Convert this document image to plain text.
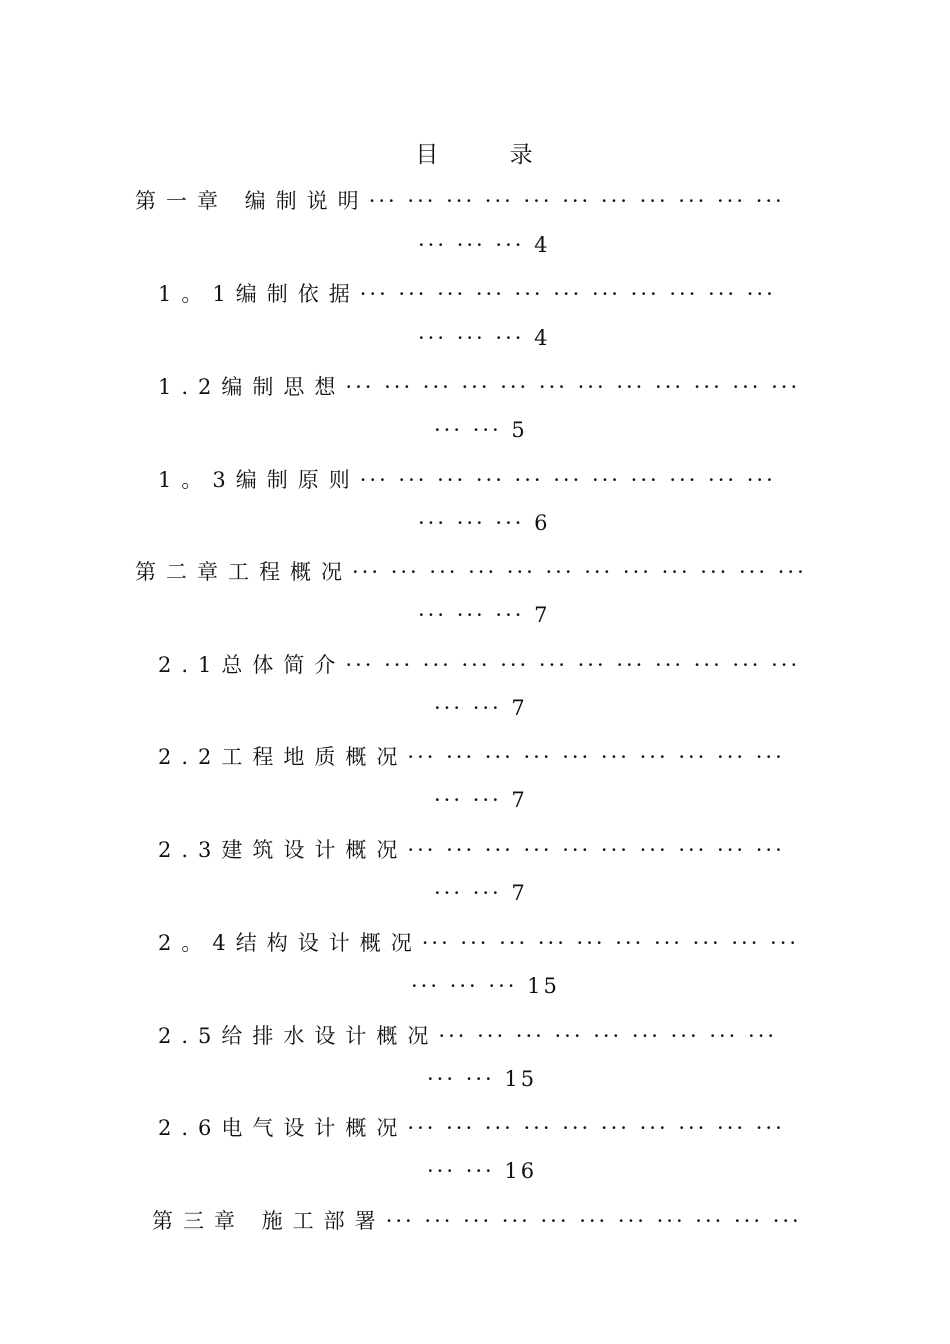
目	录
第一章 编制说明··· ··· ··· ··· ··· ··· ··· ··· ··· ··· ···
··· ··· ··· 4
1。1编制依据··· ··· ··· ··· ··· ··· ··· ··· ··· ··· ···
··· ··· ··· 4
1.2编制思想··· ··· ··· ··· ··· ··· ··· ··· ··· ··· ··· ···
··· ··· 5
1。3编制原则··· ··· ··· ··· ··· ··· ··· ··· ··· ··· ···
··· ··· ··· 6
第二章工程概况··· ··· ··· ··· ··· ··· ··· ··· ··· ··· ··· ···
··· ··· ··· 7
2.1总体简介··· ··· ··· ··· ··· ··· ··· ··· ··· ··· ··· ···
··· ··· 7
2.2工程地质概况··· ··· ··· ··· ··· ··· ··· ··· ··· ···
··· ··· 7
2.3建筑设计概况··· ··· ··· ··· ··· ··· ··· ··· ··· ···
··· ··· 7
2。4结构设计概况··· ··· ··· ··· ··· ··· ··· ··· ··· ···
··· ··· ··· 15
2.5给排水设计概况··· ··· ··· ··· ··· ··· ··· ··· ···
··· ··· 15
2.6电气设计概况··· ··· ··· ··· ··· ··· ··· ··· ··· ···
··· ··· 16
第三章 施工部署··· ··· ··· ··· ··· ··· ··· ··· ··· ··· ···
